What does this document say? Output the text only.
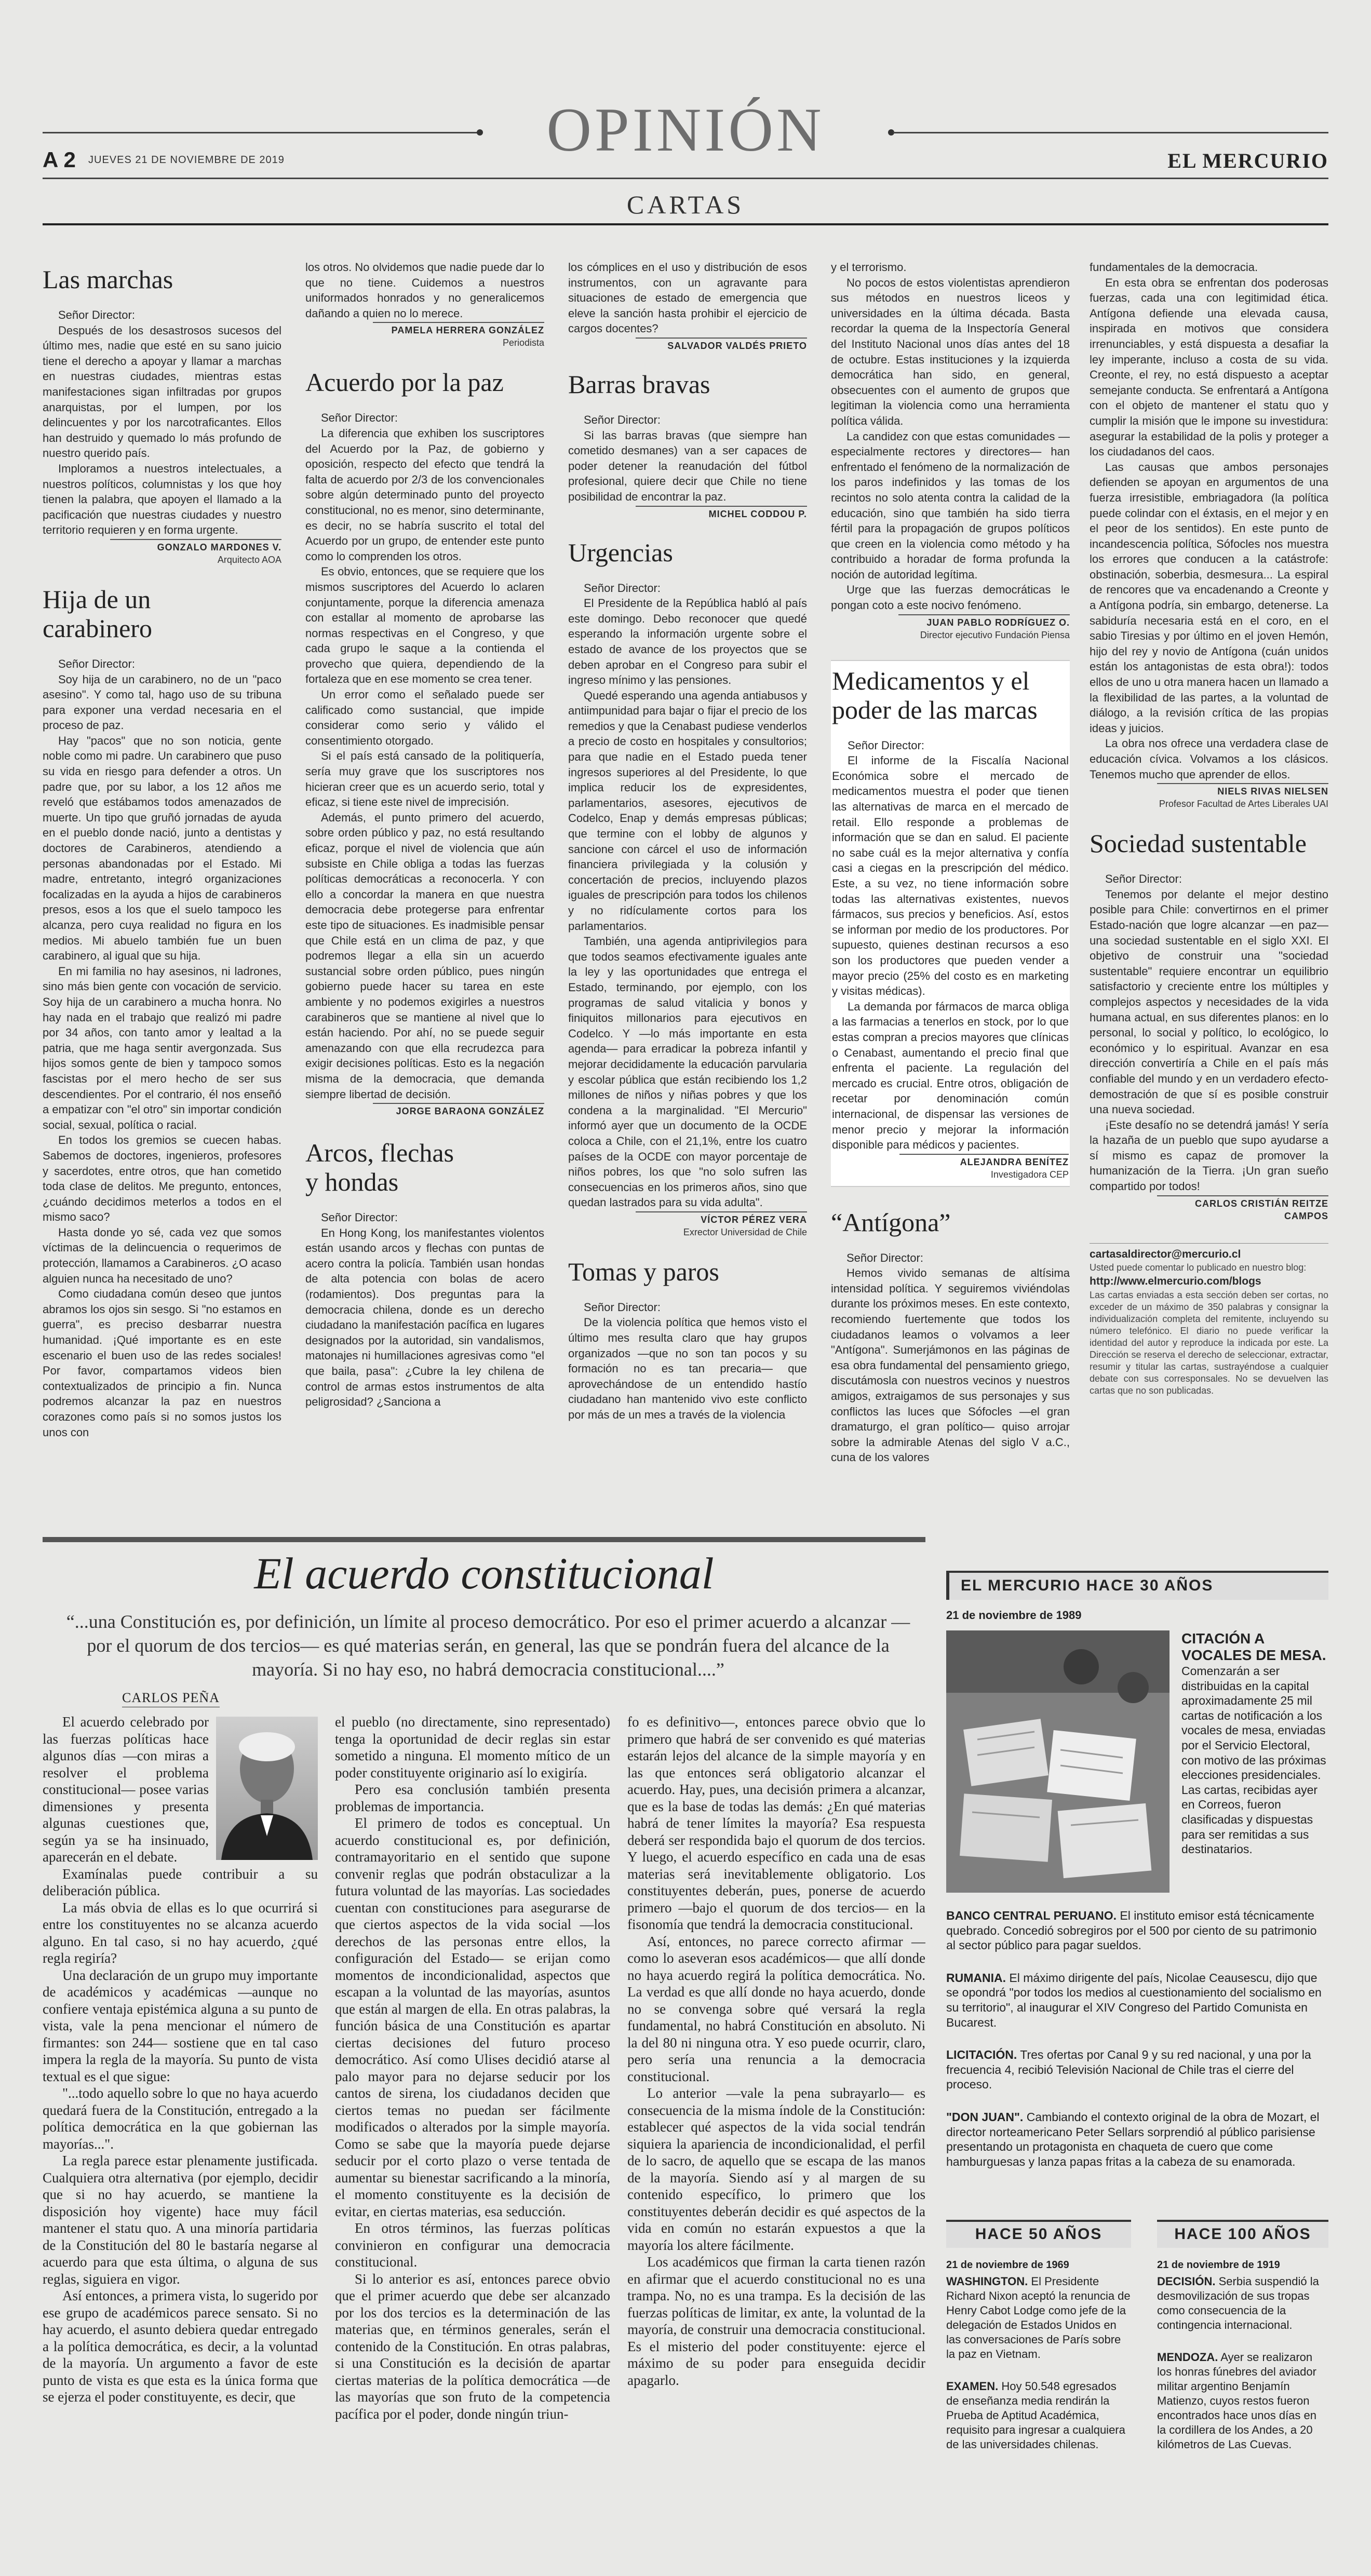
OPINIÓN
A 2 JUEVES 21 DE NOVIEMBRE DE 2019	EL MERCURIO
CARTAS
Las marchas
Señor Director:

Después de los desastrosos sucesos del último mes, nadie que esté en su sano juicio tiene el derecho a apoyar y llamar a marchas en nuestras ciudades, mientras estas manifestaciones sigan infiltradas por grupos anarquistas, por el lumpen, por los delincuentes y por los narcotraficantes. Ellos han destruido y quemado lo más profundo de nuestro querido país.

Imploramos a nuestros intelectuales, a nuestros políticos, columnistas y los que hoy tienen la palabra, que apoyen el llamado a la pacificación que nuestras ciudades y nuestro territorio requieren y en forma urgente.

GONZALO MARDONES V.
Arquitecto AOA
Hija de un carabinero
Señor Director:

Soy hija de un carabinero, no de un "paco asesino". Y como tal, hago uso de su tribuna para exponer una verdad necesaria en el proceso de paz.

Hay "pacos" que no son noticia, gente noble como mi padre. Un carabinero que puso su vida en riesgo para defender a otros. Un padre que, por su labor, a los 12 años me reveló que estábamos todos amenazados de muerte. Un tipo que gruñó jornadas de ayuda en el pueblo donde nació, junto a dentistas y doctores de Carabineros, atendiendo a personas abandonadas por el Estado. Mi madre, entretanto, integró organizaciones focalizadas en la ayuda a hijos de carabineros presos, esos a los que el suelo tampoco les alcanza, pero cuya realidad no figura en los medios. Mi abuelo también fue un buen carabinero, al igual que su hija.

En mi familia no hay asesinos, ni ladrones, sino más bien gente con vocación de servicio. Soy hija de un carabinero a mucha honra. No hay nada en el trabajo que realizó mi padre por 34 años, con tanto amor y lealtad a la patria, que me haga sentir avergonzada. Sus hijos somos gente de bien y tampoco somos fascistas por el mero hecho de ser sus descendientes. Por el contrario, él nos enseñó a empatizar con "el otro" sin importar condición social, sexual, política o racial.

En todos los gremios se cuecen habas. Sabemos de doctores, ingenieros, profesores y sacerdotes, entre otros, que han cometido toda clase de delitos. Me pregunto, entonces, ¿cuándo decidimos meterlos a todos en el mismo saco?

Hasta donde yo sé, cada vez que somos víctimas de la delincuencia o requerimos de protección, llamamos a Carabineros. ¿O acaso alguien nunca ha necesitado de uno?

Como ciudadana común deseo que juntos abramos los ojos sin sesgo. Si "no estamos en guerra", es preciso desbarrar nuestra humanidad. ¡Qué importante es en este escenario el buen uso de las redes sociales! Por favor, compartamos videos bien contextualizados de principio a fin. Nunca podremos alcanzar la paz en nuestros corazones como país si no somos justos los unos con

los otros. No olvidemos que nadie puede dar lo que no tiene. Cuidemos a nuestros uniformados honrados y no generalicemos dañando a quien no lo merece.

PAMELA HERRERA GONZÁLEZ
Periodista
Acuerdo por la paz
Señor Director:

La diferencia que exhiben los suscriptores del Acuerdo por la Paz, de gobierno y oposición, respecto del efecto que tendrá la falta de acuerdo por 2/3 de los convencionales sobre algún determinado punto del proyecto constitucional, no es menor, sino determinante, es decir, no se habría suscrito el total del Acuerdo por un grupo, de entender este punto como lo comprenden los otros.

Es obvio, entonces, que se requiere que los mismos suscriptores del Acuerdo lo aclaren conjuntamente, porque la diferencia amenaza con estallar al momento de aprobarse las normas respectivas en el Congreso, y que cada grupo le saque a la contienda el provecho que quiera, dependiendo de la fortaleza que en ese momento se crea tener.

Un error como el señalado puede ser calificado como sustancial, que impide considerar como serio y válido el consentimiento otorgado.

Si el país está cansado de la politiquería, sería muy grave que los suscriptores nos hicieran creer que es un acuerdo serio, total y eficaz, si tiene este nivel de imprecisión.

Además, el punto primero del acuerdo, sobre orden público y paz, no está resultando eficaz, porque el nivel de violencia que aún subsiste en Chile obliga a todas las fuerzas políticas democráticas a reconocerla. Y con ello a concordar la manera en que nuestra democracia debe protegerse para enfrentar este tipo de situaciones. Es inadmisible pensar que Chile está en un clima de paz, y que podremos llegar a ella sin un acuerdo sustancial sobre orden público, pues ningún gobierno puede hacer su tarea en este ambiente y no podemos exigirles a nuestros carabineros que se mantiene al nivel que lo están haciendo. Por ahí, no se puede seguir amenazando con que ella recrudezca para exigir decisiones políticas. Esto es la negación misma de la democracia, que demanda siempre libertad de decisión.

JORGE BARAONA GONZÁLEZ
Arcos, flechas y hondas
Señor Director:

En Hong Kong, los manifestantes violentos están usando arcos y flechas con puntas de acero contra la policía. También usan hondas de alta potencia con bolas de acero (rodamientos). Dos preguntas para la democracia chilena, donde es un derecho ciudadano la manifestación pacífica en lugares designados por la autoridad, sin vandalismos, matonajes ni humillaciones agresivas como "el que baila, pasa": ¿Cubre la ley chilena de control de armas estos instrumentos de alta peligrosidad? ¿Sanciona a

los cómplices en el uso y distribución de esos instrumentos, con un agravante para situaciones de estado de emergencia que eleve la sanción hasta prohibir el ejercicio de cargos docentes?

SALVADOR VALDÉS PRIETO
Barras bravas
Señor Director:

Si las barras bravas (que siempre han cometido desmanes) van a ser capaces de poder detener la reanudación del fútbol profesional, quiere decir que Chile no tiene posibilidad de encontrar la paz.

MICHEL CODDOU P.
Urgencias
Señor Director:

El Presidente de la República habló al país este domingo. Debo reconocer que quedé esperando la información urgente sobre el estado de avance de los proyectos que se deben aprobar en el Congreso para subir el ingreso mínimo y las pensiones.

Quedé esperando una agenda antiabusos y antiimpunidad para bajar o fijar el precio de los remedios y que la Cenabast pudiese venderlos a precio de costo en hospitales y consultorios; para que nadie en el Estado pueda tener ingresos superiores al del Presidente, lo que implica reducir los de expresidentes, parlamentarios, asesores, ejecutivos de Codelco, Enap y demás empresas públicas; que termine con el lobby de algunos y sancione con cárcel el uso de información financiera privilegiada y la colusión y concertación de precios, incluyendo plazos iguales de prescripción para todos los chilenos y no ridículamente cortos para los parlamentarios.

También, una agenda antiprivilegios para que todos seamos efectivamente iguales ante la ley y las oportunidades que entrega el Estado, terminando, por ejemplo, con los programas de salud vitalicia y bonos y finiquitos millonarios para ejecutivos en Codelco. Y —lo más importante en esta agenda— para erradicar la pobreza infantil y mejorar decididamente la educación parvularia y escolar pública que están recibiendo los 1,2 millones de niños y niñas pobres y que los condena a la marginalidad. "El Mercurio" informó ayer que un documento de la OCDE coloca a Chile, con el 21,1%, entre los cuatro países de la OCDE con mayor porcentaje de niños pobres, los que "no solo sufren las consecuencias en los primeros años, sino que quedan lastrados para su vida adulta".

VÍCTOR PÉREZ VERA
Exrector Universidad de Chile
Tomas y paros
Señor Director:

De la violencia política que hemos visto el último mes resulta claro que hay grupos organizados —que no son tan pocos y su formación no es tan precaria— que aprovechándose de un entendido hastío ciudadano han mantenido vivo este conflicto por más de un mes a través de la violencia

y el terrorismo.

No pocos de estos violentistas aprendieron sus métodos en nuestros liceos y universidades en la última década. Basta recordar la quema de la Inspectoría General del Instituto Nacional unos días antes del 18 de octubre. Estas instituciones y la izquierda democrática han sido, en general, obsecuentes con el aumento de grupos que legitiman la violencia como una herramienta política válida.

La candidez con que estas comunidades —especialmente rectores y directores— han enfrentado el fenómeno de la normalización de los paros indefinidos y las tomas de los recintos no solo atenta contra la calidad de la educación, sino que también ha sido tierra fértil para la propagación de grupos políticos que creen en la violencia como método y ha contribuido a horadar de forma profunda la noción de autoridad legítima.

Urge que las fuerzas democráticas le pongan coto a este nocivo fenómeno.

JUAN PABLO RODRÍGUEZ O.
Director ejecutivo Fundación Piensa
Medicamentos y el poder de las marcas
Señor Director:

El informe de la Fiscalía Nacional Económica sobre el mercado de medicamentos muestra el poder que tienen las alternativas de marca en el mercado de retail. Ello responde a problemas de información que se dan en salud. El paciente no sabe cuál es la mejor alternativa y confía casi a ciegas en la prescripción del médico. Este, a su vez, no tiene información sobre todas las alternativas existentes, nuevos fármacos, sus precios y beneficios. Así, estos se informan por medio de los productores. Por supuesto, quienes destinan recursos a eso son los productores que pueden vender a mayor precio (25% del costo es en marketing y visitas médicas).

La demanda por fármacos de marca obliga a las farmacias a tenerlos en stock, por lo que estas compran a precios mayores que clínicas o Cenabast, aumentando el precio final que enfrenta el paciente. La regulación del mercado es crucial. Entre otros, obligación de recetar por denominación común internacional, de dispensar las versiones de menor precio y mejorar la información disponible para médicos y pacientes.

ALEJANDRA BENÍTEZ
Investigadora CEP
“Antígona”
Señor Director:

Hemos vivido semanas de altísima intensidad política. Y seguiremos viviéndolas durante los próximos meses. En este contexto, recomiendo fuertemente que todos los ciudadanos leamos o volvamos a leer "Antígona". Sumerjámonos en las páginas de esa obra fundamental del pensamiento griego, discutámosla con nuestros vecinos y nuestros amigos, extraigamos de sus personajes y sus conflictos las luces que Sófocles —el gran dramaturgo, el gran político— quiso arrojar sobre la admirable Atenas del siglo V a.C., cuna de los valores

fundamentales de la democracia.

En esta obra se enfrentan dos poderosas fuerzas, cada una con legitimidad ética. Antígona defiende una elevada causa, inspirada en motivos que considera irrenunciables, y está dispuesta a desafiar la ley imperante, incluso a costa de su vida. Creonte, el rey, no está dispuesto a aceptar semejante conducta. Se enfrentará a Antígona con el objeto de mantener el statu quo y cumplir la misión que le impone su investidura: asegurar la estabilidad de la polis y proteger a los ciudadanos del caos.

Las causas que ambos personajes defienden se apoyan en argumentos de una fuerza irresistible, embriagadora (la política puede colindar con el éxtasis, en el mejor y en el peor de los sentidos). En este punto de incandescencia política, Sófocles nos muestra los errores que conducen a la catástrofe: obstinación, soberbia, desmesura... La espiral de rencores que va encadenando a Creonte y a Antígona podría, sin embargo, detenerse. La sabiduría necesaria está en el coro, en el sabio Tiresias y por último en el joven Hemón, hijo del rey y novio de Antígona (cuán unidos están los antagonistas de esta obra!): todos ellos de uno u otra manera hacen un llamado a la flexibilidad de las partes, a la voluntad de diálogo, a la revisión crítica de las propias ideas y juicios.

La obra nos ofrece una verdadera clase de educación cívica. Volvamos a los clásicos. Tenemos mucho que aprender de ellos.

NIELS RIVAS NIELSEN
Profesor Facultad de Artes Liberales UAI
Sociedad sustentable
Señor Director:

Tenemos por delante el mejor destino posible para Chile: convertirnos en el primer Estado-nación que logre alcanzar —en paz— una sociedad sustentable en el siglo XXI. El objetivo de construir una "sociedad sustentable" requiere encontrar un equilibrio satisfactorio y creciente entre los múltiples y complejos aspectos y necesidades de la vida humana actual, en sus diferentes planos: en lo personal, lo social y político, lo ecológico, lo económico y lo espiritual. Avanzar en esa dirección convertiría a Chile en el país más confiable del mundo y en un verdadero efecto-demostración de que sí es posible construir una nueva sociedad.

¡Este desafío no se detendrá jamás! Y sería la hazaña de un pueblo que supo ayudarse a sí mismo es capaz de promover la humanización de la Tierra. ¡Un gran sueño compartido por todos!

CARLOS CRISTIÁN REITZE CAMPOS
cartasaldirector@mercurio.cl
Usted puede comentar lo publicado en nuestro blog:
http://www.elmercurio.com/blogs
Las cartas enviadas a esta sección deben ser cortas, no exceder de un máximo de 350 palabras y consignar la individualización completa del remitente, incluyendo su número telefónico. El diario no puede verificar la identidad del autor y reproduce la indicada por este. La Dirección se reserva el derecho de seleccionar, extractar, resumir y titular las cartas, sustrayéndose a cualquier debate con sus corresponsales. No se devuelven las cartas que no son publicadas.
El acuerdo constitucional
“...una Constitución es, por definición, un límite al proceso democrático. Por eso el primer acuerdo a alcanzar —por el quorum de dos tercios— es qué materias serán, en general, las que se pondrán fuera del alcance de la mayoría. Si no hay eso, no habrá democracia constitucional....”
CARLOS PEÑA

El acuerdo celebrado por las fuerzas políticas hace algunos días —con miras a resolver el problema constitucional— posee varias dimensiones y presenta algunas cuestiones que, según ya se ha insinuado, aparecerán en el debate.

Examínalas puede contribuir a su deliberación pública.

La más obvia de ellas es lo que ocurrirá si entre los constituyentes no se alcanza acuerdo alguno. En tal caso, si no hay acuerdo, ¿qué regla regiría?

Una declaración de un grupo muy importante de académicos y académicas —aunque no confiere ventaja epistémica alguna a su punto de vista, vale la pena mencionar el número de firmantes: son 244— sostiene que en tal caso impera la regla de la mayoría. Su punto de vista textual es el que sigue:

"...todo aquello sobre lo que no haya acuerdo quedará fuera de la Constitución, entregado a la política democrática en la que gobiernan las mayorías...".

La regla parece estar plenamente justificada. Cualquiera otra alternativa (por ejemplo, decidir que si no hay acuerdo, se mantiene la disposición hoy vigente) hace muy fácil mantener el statu quo. A una minoría partidaria de la Constitución del 80 le bastaría negarse al acuerdo para que esta última, o alguna de sus reglas, siguiera en vigor.

Así entonces, a primera vista, lo sugerido por ese grupo de académicos parece sensato. Si no hay acuerdo, el asunto debiera quedar entregado a la política democrática, es decir, a la voluntad de la mayoría. Un argumento a favor de este punto de vista es que esta es la única forma que se ejerza el poder constituyente, es decir, que

el pueblo (no directamente, sino representado) tenga la oportunidad de decir reglas sin estar sometido a ninguna. El momento mítico de un poder constituyente originario así lo exigiría.

Pero esa conclusión también presenta problemas de importancia.

El primero de todos es conceptual. Un acuerdo constitucional es, por definición, contramayoritario en el sentido que supone convenir reglas que podrán obstaculizar a la futura voluntad de las mayorías. Las sociedades cuentan con constituciones para asegurarse de que ciertos aspectos de la vida social —los derechos de las personas entre ellos, la configuración del Estado— se erijan como momentos de incondicionalidad, aspectos que escapan a la voluntad de las mayorías, asuntos que están al margen de ella. En otras palabras, la función básica de una Constitución es apartar ciertas decisiones del futuro proceso democrático. Así como Ulises decidió atarse al palo mayor para no dejarse seducir por los cantos de sirena, los ciudadanos deciden que ciertos temas no puedan ser fácilmente modificados o alterados por la simple mayoría. Como se sabe que la mayoría puede dejarse seducir por el corto plazo o verse tentada de aumentar su bienestar sacrificando a la minoría, el momento constituyente es la decisión de evitar, en ciertas materias, esa seducción.

En otros términos, las fuerzas políticas convinieron en configurar una democracia constitucional.

Si lo anterior es así, entonces parece obvio que el primer acuerdo que debe ser alcanzado por los dos tercios es la determinación de las materias que, en términos generales, serán el contenido de la Constitución. En otras palabras, si una Constitución es la decisión de apartar ciertas materias de la política democrática —de las mayorías que son fruto de la competencia pacífica por el poder, donde ningún triun-

fo es definitivo—, entonces parece obvio que lo primero que habrá de ser convenido es qué materias estarán lejos del alcance de la simple mayoría y en las que entonces será obligatorio alcanzar el acuerdo. Hay, pues, una decisión primera a alcanzar, que es la base de todas las demás: ¿En qué materias habrá de tener límites la mayoría? Esa respuesta deberá ser respondida bajo el quorum de dos tercios. Y luego, el acuerdo específico en cada una de esas materias será inevitablemente obligatorio. Los constituyentes deberán, pues, ponerse de acuerdo primero —bajo el quorum de dos tercios— en la fisonomía que tendrá la democracia constitucional.

Así, entonces, no parece correcto afirmar —como lo aseveran esos académicos— que allí donde no haya acuerdo regirá la política democrática. No. La verdad es que allí donde no haya acuerdo, donde no se convenga sobre qué versará la regla fundamental, no habrá Constitución en absoluto. Ni la del 80 ni ninguna otra. Y eso puede ocurrir, claro, pero sería una renuncia a la democracia constitucional.

Lo anterior —vale la pena subrayarlo— es consecuencia de la misma índole de la Constitución: establecer qué aspectos de la vida social tendrán siquiera la apariencia de incondicionalidad, el perfil de lo sacro, de aquello que se escapa de las manos de la mayoría. Siendo así y al margen de su contenido específico, lo primero que los constituyentes deberán decidir es qué aspectos de la vida en común no estarán expuestos a que la mayoría los altere fácilmente.

Los académicos que firman la carta tienen razón en afirmar que el acuerdo constitucional no es una trampa. No, no es una trampa. Es la decisión de las fuerzas políticas de limitar, ex ante, la voluntad de la mayoría, de construir una democracia constitucional. Es el misterio del poder constituyente: ejerce el máximo de su poder para enseguida decidir apagarlo.

EL MERCURIO HACE 30 AÑOS
21 de noviembre de 1989
CITACIÓN A VOCALES DE MESA.
Comenzarán a ser distribuidas en la capital aproximadamente 25 mil cartas de notificación a los vocales de mesa, enviadas por el Servicio Electoral, con motivo de las próximas elecciones presidenciales. Las cartas, recibidas ayer en Correos, fueron clasificadas y dispuestas para ser remitidas a sus destinatarios.
BANCO CENTRAL PERUANO. El instituto emisor está técnicamente quebrado. Concedió sobregiros por el 500 por ciento de su patrimonio al sector público para pagar sueldos.
RUMANIA. El máximo dirigente del país, Nicolae Ceausescu, dijo que se opondrá "por todos los medios al cuestionamiento del socialismo en su territorio", al inaugurar el XIV Congreso del Partido Comunista en Bucarest.
LICITACIÓN. Tres ofertas por Canal 9 y su red nacional, y una por la frecuencia 4, recibió Televisión Nacional de Chile tras el cierre del proceso.
"DON JUAN". Cambiando el contexto original de la obra de Mozart, el director norteamericano Peter Sellars sorprendió al público parisiense presentando un protagonista en chaqueta de cuero que come hamburguesas y lanza papas fritas a la cabeza de su enamorada.
HACE 50 AÑOS
21 de noviembre de 1969
WASHINGTON. El Presidente Richard Nixon aceptó la renuncia de Henry Cabot Lodge como jefe de la delegación de Estados Unidos en las conversaciones de París sobre la paz en Vietnam.
EXAMEN. Hoy 50.548 egresados de enseñanza media rendirán la Prueba de Aptitud Académica, requisito para ingresar a cualquiera de las universidades chilenas.
HACE 100 AÑOS
21 de noviembre de 1919
DECISIÓN. Serbia suspendió la desmovilización de sus tropas como consecuencia de la contingencia internacional.
MENDOZA. Ayer se realizaron los honras fúnebres del aviador militar argentino Benjamín Matienzo, cuyos restos fueron encontrados hace unos días en la cordillera de los Andes, a 20 kilómetros de Las Cuevas.
